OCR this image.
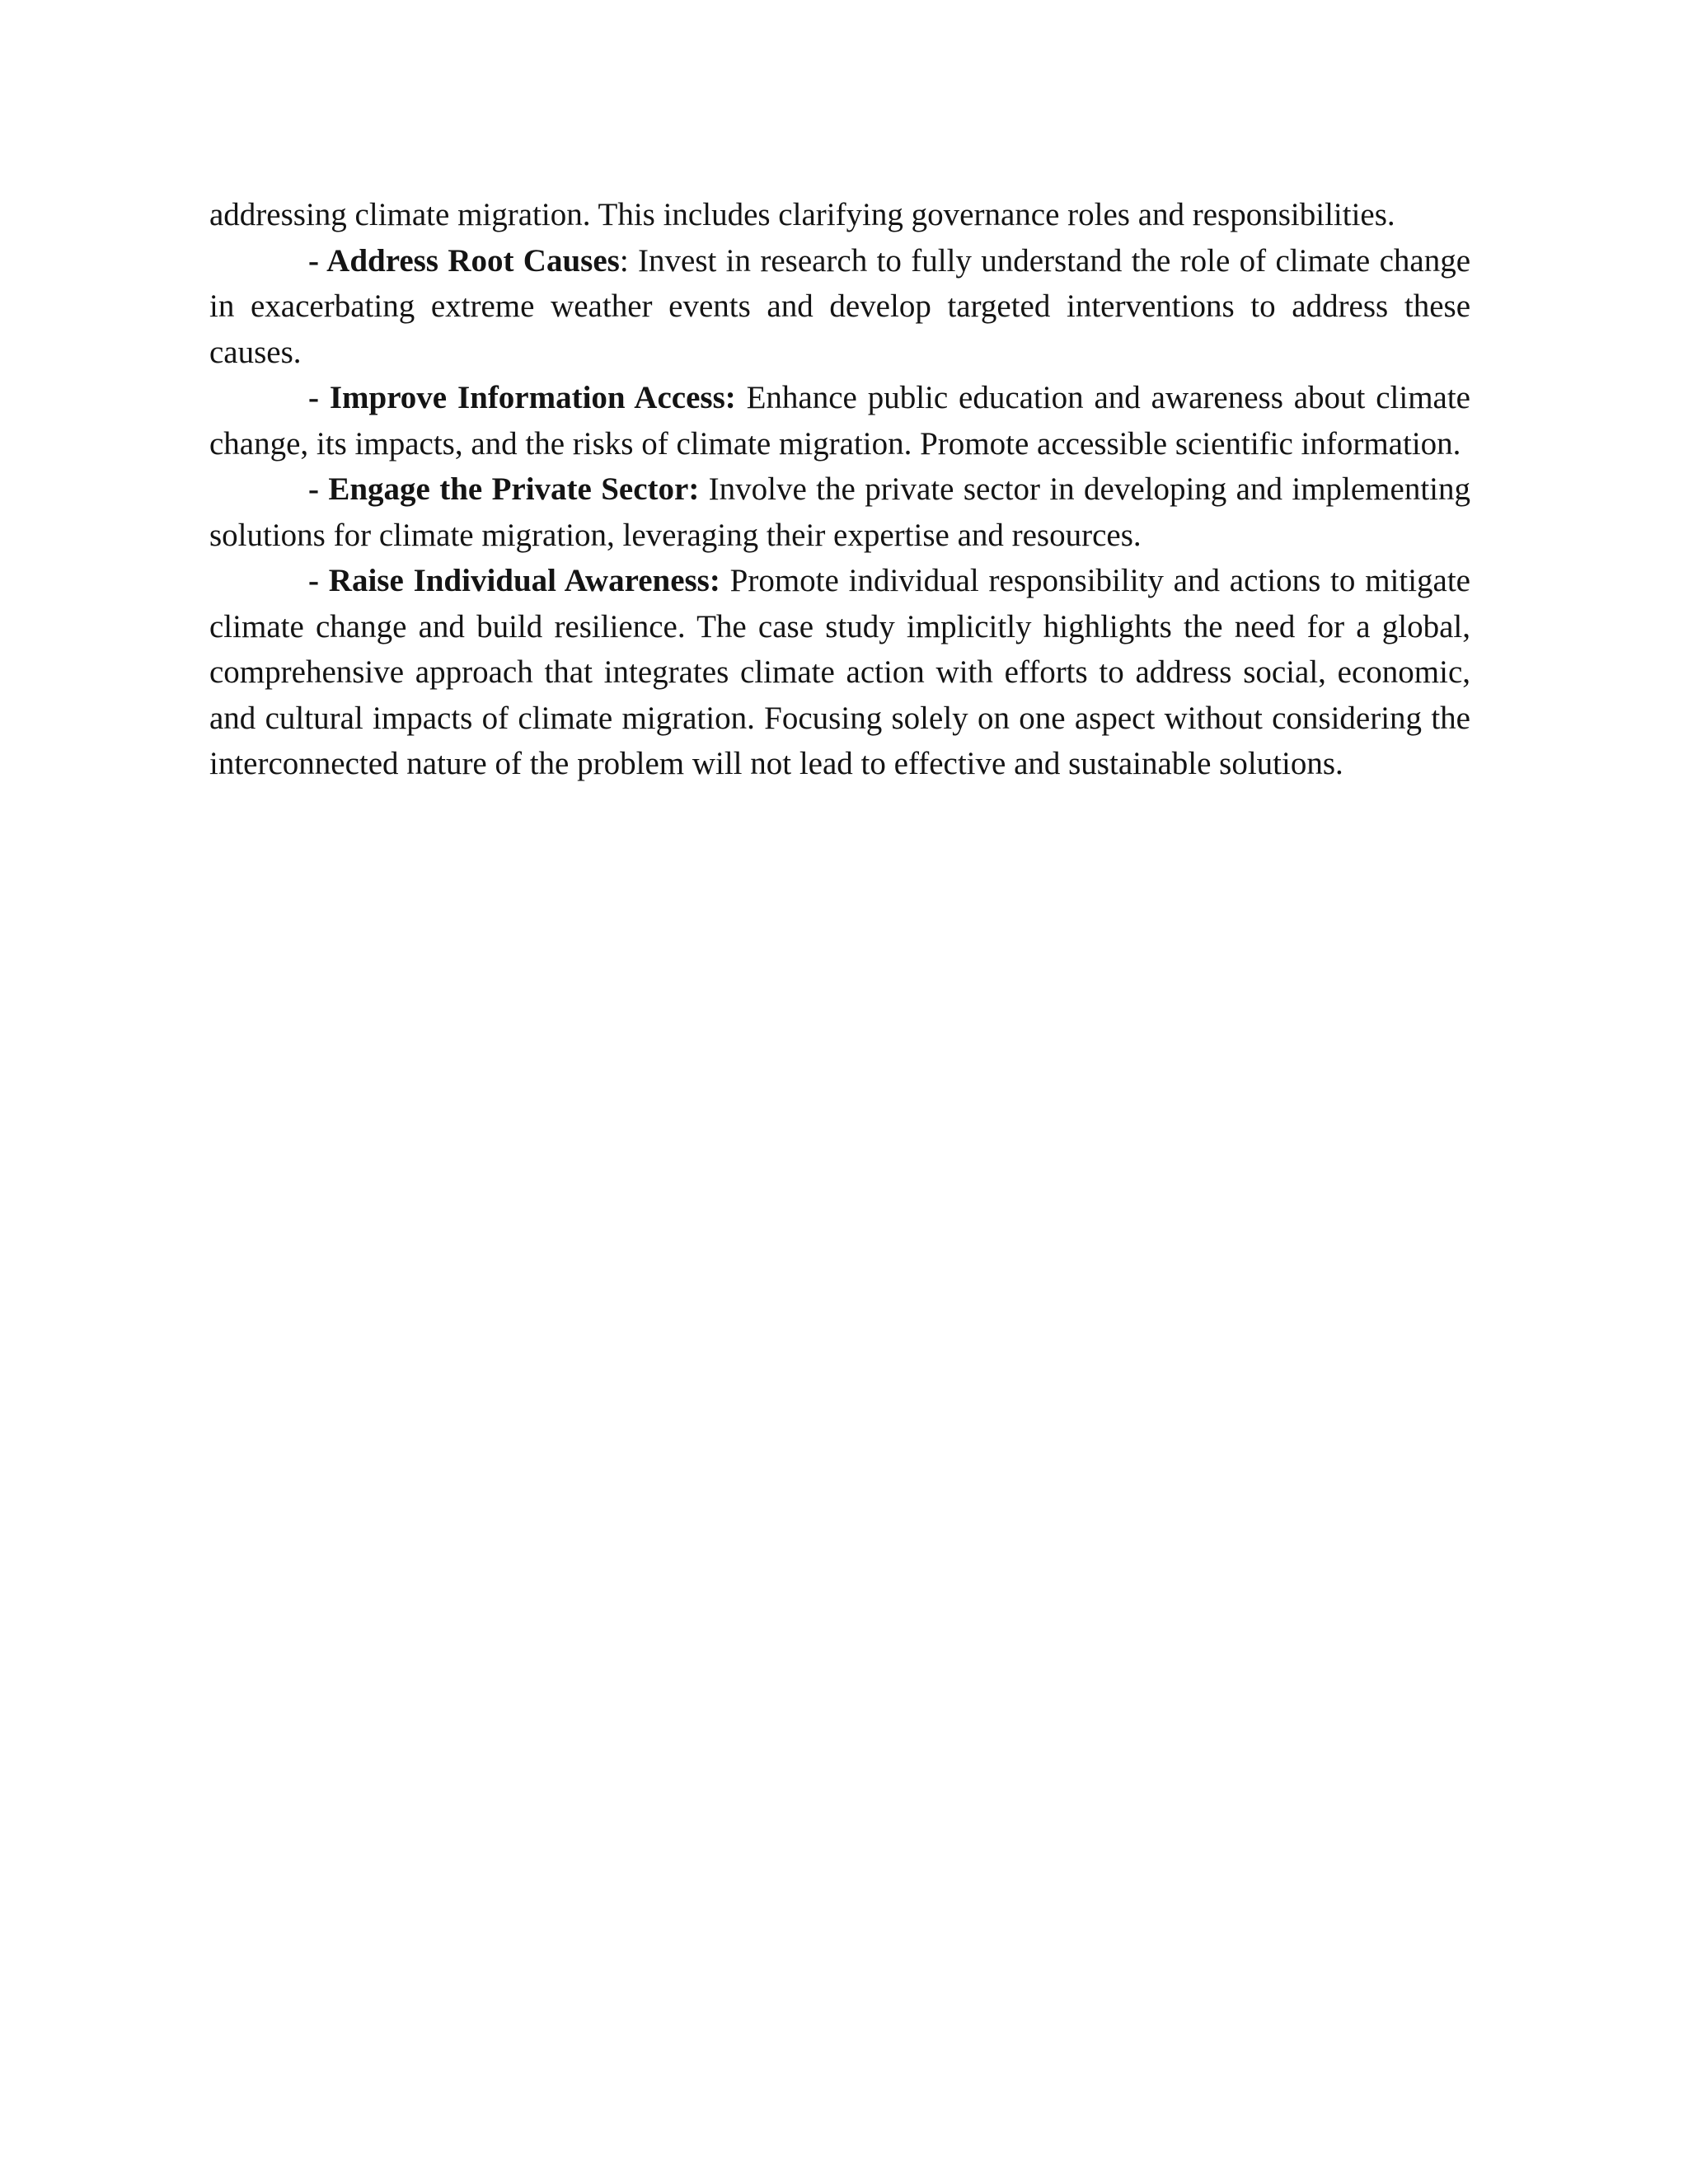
addressing climate migration. This includes clarifying governance roles and responsibilities.

- Address Root Causes: Invest in research to fully understand the role of climate change in exacerbating extreme weather events and develop targeted interventions to address these causes.

- Improve Information Access: Enhance public education and awareness about climate change, its impacts, and the risks of climate migration. Promote accessible scientific information.

- Engage the Private Sector: Involve the private sector in developing and implementing solutions for climate migration, leveraging their expertise and resources.

- Raise Individual Awareness: Promote individual responsibility and actions to mitigate climate change and build resilience. The case study implicitly highlights the need for a global, comprehensive approach that integrates climate action with efforts to address social, economic, and cultural impacts of climate migration. Focusing solely on one aspect without considering the interconnected nature of the problem will not lead to effective and sustainable solutions.
